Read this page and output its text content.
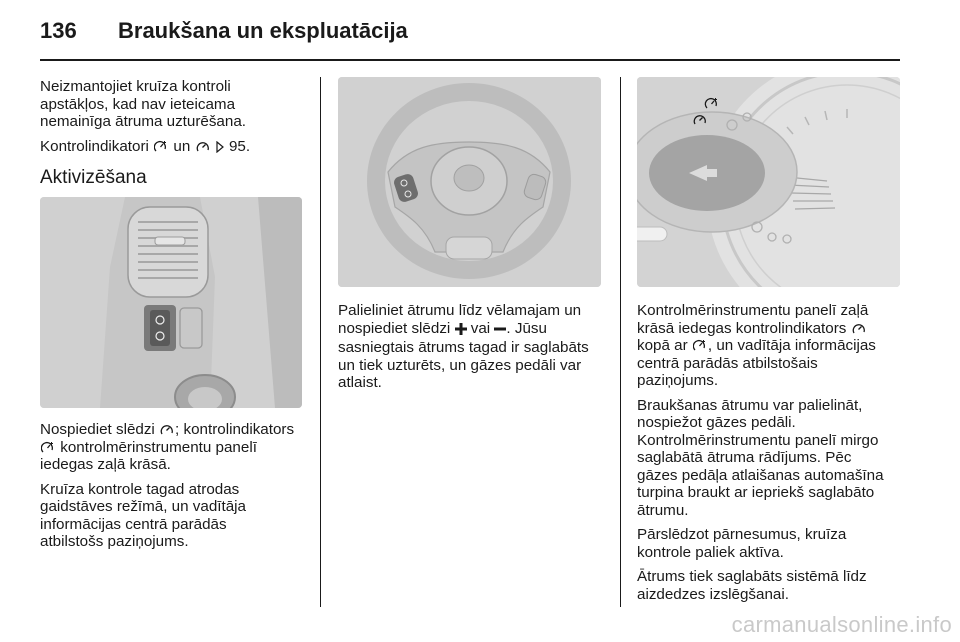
136 Braukšana un ekspluatācija

Neizmantojiet kruīza kontroli
apstākļos, kad nav ieteicama
nemainīga ātruma uzturēšana.

Kontrolindikatori un	95.

Aktivizēšana

Nospiediet slēdzi ; kontrolindikators
kontrolmērinstrumentu panelī
iedegas zaļā krāsā.

Kruīza kontrole tagad atrodas
gaidstāves režīmā, un vadītāja
informācijas centrā parādās
atbilstošs paziņojums.

Palieliniet ātrumu līdz vēlamajam un
nospiediet slēdzi vai . Jūsu
sasniegtais ātrums tagad ir saglabāts
un tiek uzturēts, un gāzes pedāli var
atlaist.

Kontrolmērinstrumentu panelī zaļā
krāsā iedegas kontrolindikators
kopā ar , un vadītāja informācijas
centrā parādās atbilstošais
paziņojums.

Braukšanas ātrumu var palielināt,
nospiežot gāzes pedāli.
Kontrolmērinstrumentu panelī mirgo
saglabātā ātruma rādījums. Pēc
gāzes pedāļa atlaišanas automašīna
turpina braukt ar iepriekš saglabāto
ātrumu.

Pārslēdzot pārnesumus, kruīza
kontrole paliek aktīva.

Ātrums tiek saglabāts sistēmā līdz
aizdedzes izslēgšanai.

carmanualsonline.info
